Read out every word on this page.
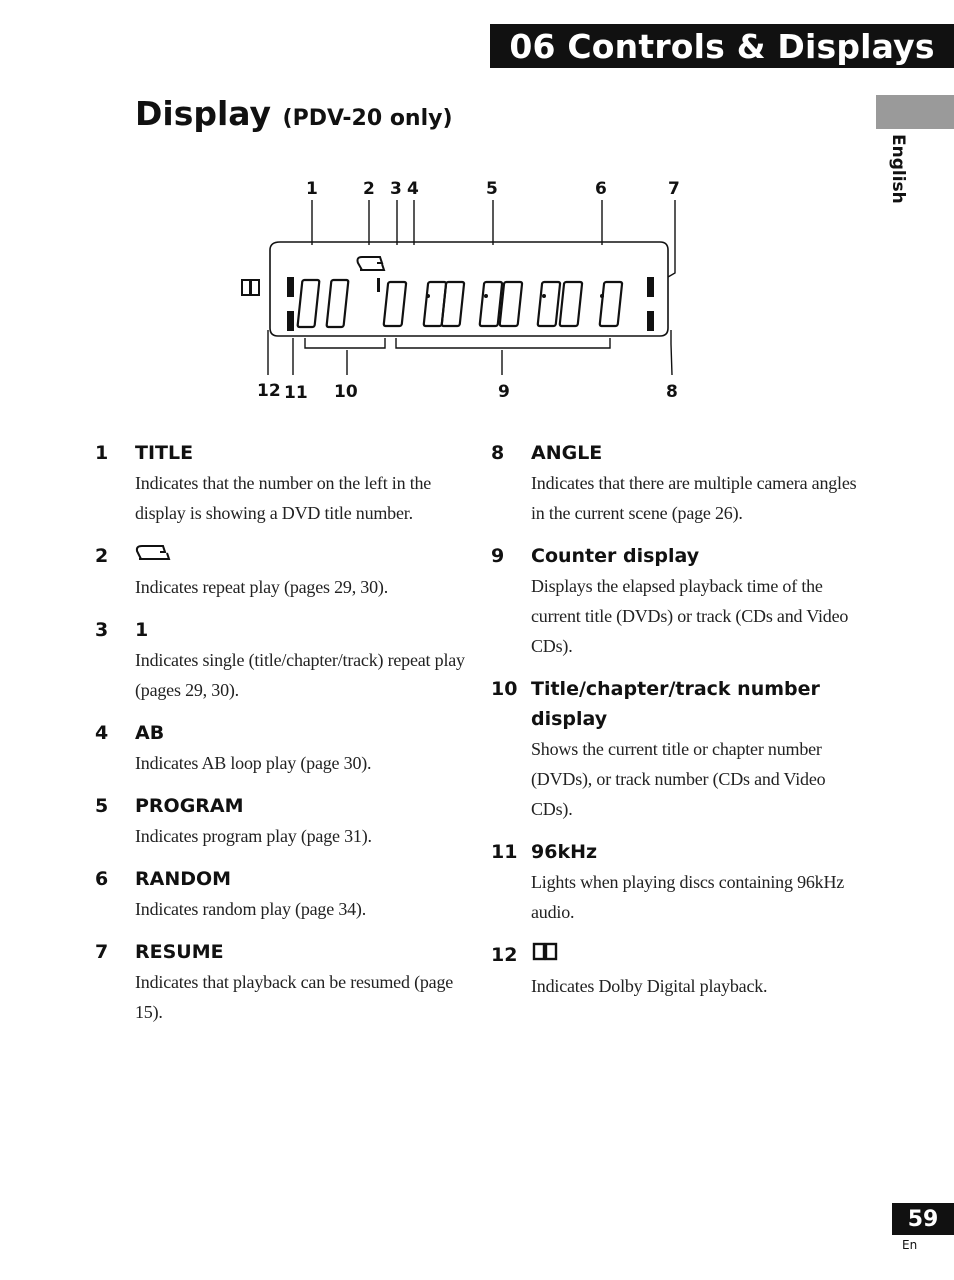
06 Controls & Displays
English
Display (PDV-20 only)
1	2 3 4	5	6	7
8
9
10
11
12
1	TITLE
Indicates that the number on the left in the display is showing a DVD title number.
2
Indicates repeat play (pages 29, 30).
3	1
Indicates single (title/chapter/track) repeat play (pages 29, 30).
4	AB
Indicates AB loop play (page 30).
5	PROGRAM
Indicates program play (page 31).
6	RANDOM
Indicates random play (page 34).
7	RESUME
Indicates that playback can be resumed (page 15).
8	ANGLE
Indicates that there are multiple camera angles in the current scene (page 26).
9	Counter display
Displays the elapsed playback time of the current title (DVDs) or track (CDs and Video CDs).
10 Title/chapter/track number display
Shows the current title or chapter number (DVDs), or track number (CDs and Video CDs).
11 96kHz
Lights when playing discs containing 96kHz audio.
12
Indicates Dolby Digital playback.
59
En
